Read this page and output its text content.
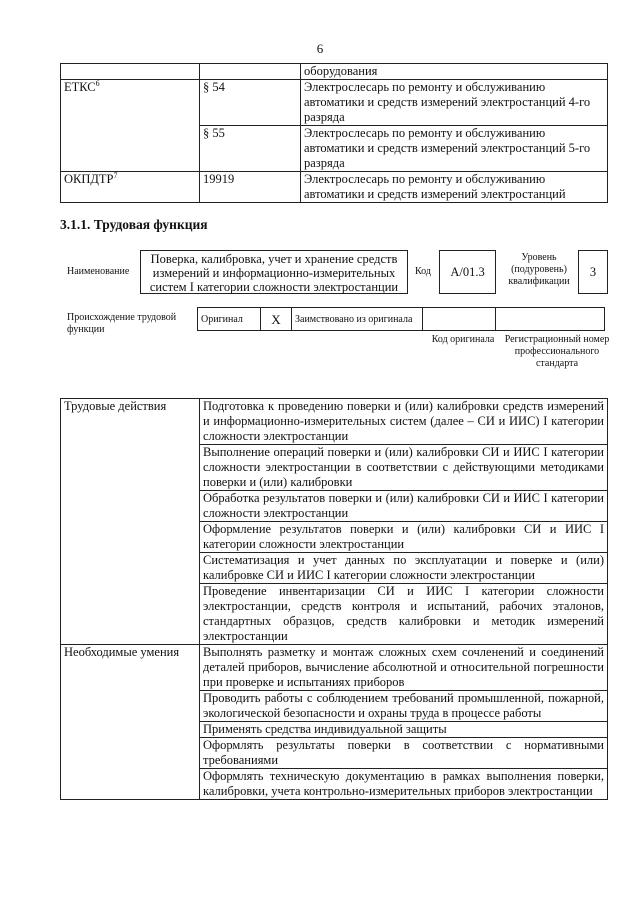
6
		оборудования
ЕТКС$^6$	§ 54	Электрослесарь по ремонту и обслуживанию автоматики и средств измерений электростанций 4-го разряда
	§ 55	Электрослесарь по ремонту и обслуживанию автоматики и средств измерений электростанций 5-го разряда
ОКПДТР$^7$	19919	Электрослесарь по ремонту и обслуживанию автоматики и средств измерений электростанций
3.1.1. Трудовая функция
Наименование
Поверка, калибровка, учет и хранение средств измерений и информационно-измерительных систем I категории сложности электростанции
Код	A/01.3
Уровень (подуровень) квалификации
3
Происхождение трудовой функции
Оригинал	X	Заимствовано из оригинала		
Код оригинала Регистрационный номер профессионального стандарта
Трудовые действия	Подготовка к проведению поверки и (или) калибровки средств измерений и информационно-измерительных систем (далее – СИ и ИИС) I категории сложности электростанции
	Выполнение операций поверки и (или) калибровки СИ и ИИС I категории сложности электростанции в соответствии с действующими методиками поверки и (или) калибровки
	Обработка результатов поверки и (или) калибровки СИ и ИИС I категории сложности электростанции
	Оформление результатов поверки и (или) калибровки СИ и ИИС I категории сложности электростанции
	Систематизация и учет данных по эксплуатации и поверке и (или) калибровке СИ и ИИС I категории сложности электростанции
	Проведение инвентаризации СИ и ИИС I категории сложности электростанции, средств контроля и испытаний, рабочих эталонов, стандартных образцов, средств калибровки и методик измерений электростанции
Необходимые умения	Выполнять разметку и монтаж сложных схем сочленений и соединений деталей приборов, вычисление абсолютной и относительной погрешности при проверке и испытаниях приборов
	Проводить работы с соблюдением требований промышленной, пожарной, экологической безопасности и охраны труда в процессе работы
	Применять средства индивидуальной защиты
	Оформлять результаты поверки в соответствии с нормативными требованиями
	Оформлять техническую документацию в рамках выполнения поверки, калибровки, учета контрольно-измерительных приборов электростанции
